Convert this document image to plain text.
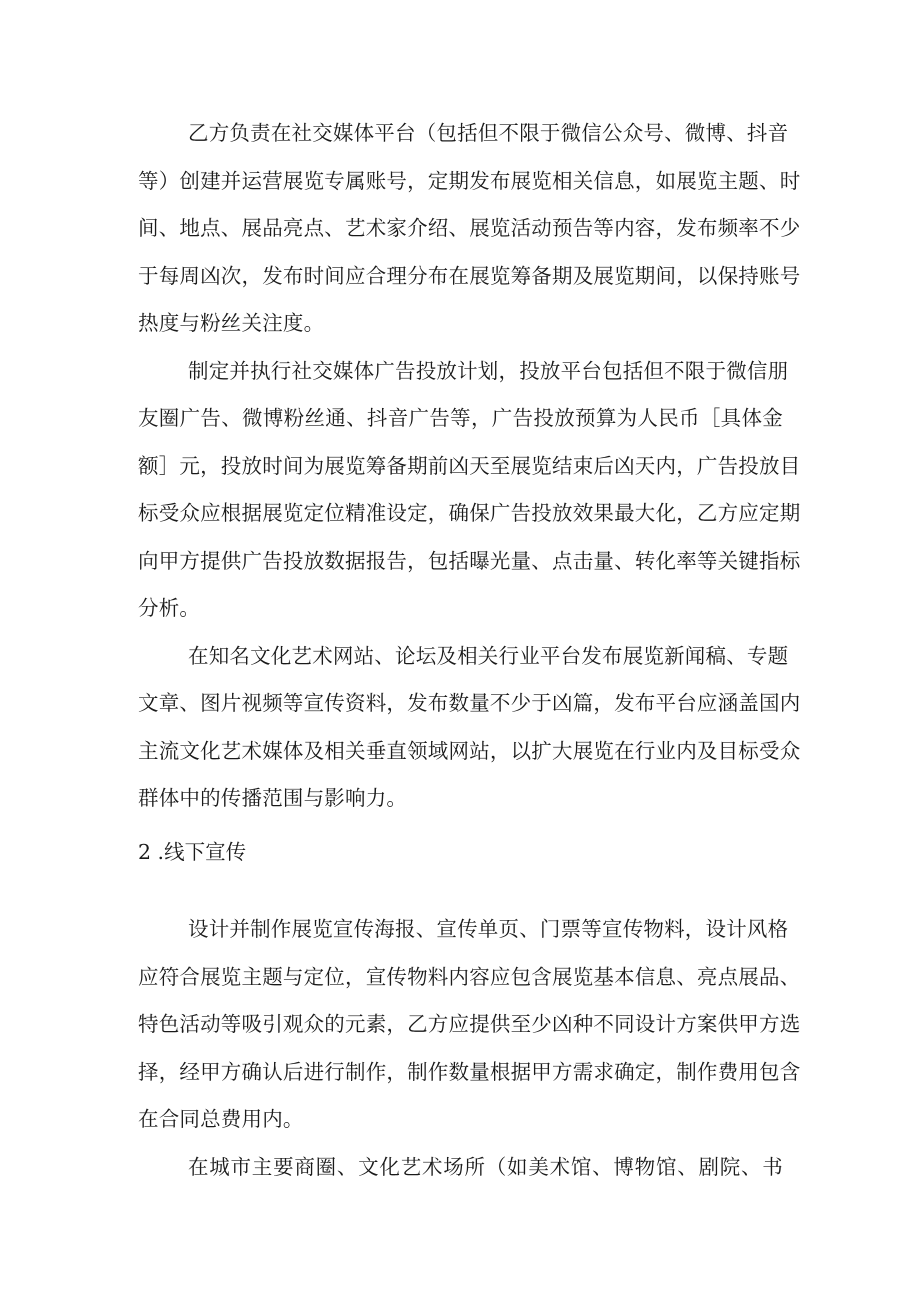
乙方负责在社交媒体平台（包括但不限于微信公众号、微博、抖音
等）创建并运营展览专属账号，定期发布展览相关信息，如展览主题、时
间、地点、展品亮点、艺术家介绍、展览活动预告等内容，发布频率不少
于每周凶次，发布时间应合理分布在展览筹备期及展览期间，以保持账号
热度与粉丝关注度。

制定并执行社交媒体广告投放计划，投放平台包括但不限于微信朋
友圈广告、微博粉丝通、抖音广告等，广告投放预算为人民币［具体金
额］元，投放时间为展览筹备期前凶天至展览结束后凶天内，广告投放目
标受众应根据展览定位精准设定，确保广告投放效果最大化，乙方应定期
向甲方提供广告投放数据报告，包括曝光量、点击量、转化率等关键指标
分析。

在知名文化艺术网站、论坛及相关行业平台发布展览新闻稿、专题
文章、图片视频等宣传资料，发布数量不少于凶篇，发布平台应涵盖国内
主流文化艺术媒体及相关垂直领域网站，以扩大展览在行业内及目标受众
群体中的传播范围与影响力。

2 .线下宣传

设计并制作展览宣传海报、宣传单页、门票等宣传物料，设计风格
应符合展览主题与定位，宣传物料内容应包含展览基本信息、亮点展品、
特色活动等吸引观众的元素，乙方应提供至少凶种不同设计方案供甲方选
择，经甲方确认后进行制作，制作数量根据甲方需求确定，制作费用包含
在合同总费用内。

在城市主要商圈、文化艺术场所（如美术馆、博物馆、剧院、书
